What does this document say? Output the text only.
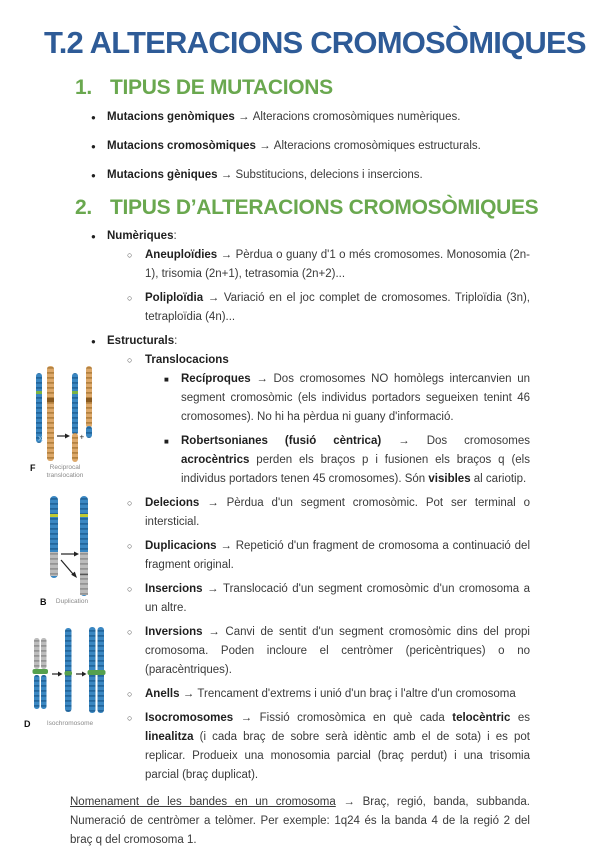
T.2 ALTERACIONS CROMOSÒMIQUES
1. TIPUS DE MUTACIONS
● Mutacions genòmiques → Alteracions cromosòmiques numèriques.
● Mutacions cromosòmiques → Alteracions cromosòmiques estructurals.
● Mutacions gèniques → Substitucions, delecions i insercions.
2. TIPUS D’ALTERACIONS CROMOSÒMIQUES
● Numèriques:
○ Aneuploïdies → Pèrdua o guany d'1 o més cromosomes. Monosomia (2n-1), trisomia (2n+1), tetrasomia (2n+2)...
○ Poliploïdia → Variació en el joc complet de cromosomes. Triploïdia (3n), tetraploïdia (4n)...
● Estructurals:
○ Translocacions
■ Recíproques → Dos cromosomes NO homòlegs intercanvien un segment cromosòmic (els individus portadors segueixen tenint 46 cromosomes). No hi ha pèrdua ni guany d'informació.
■ Robertsonianes (fusió cèntrica) → Dos cromosomes acrocèntrics perden els braços p i fusionen els braços q (els individus portadors tenen 45 cromosomes). Són visibles al cariotip.
○ Delecions → Pèrdua d'un segment cromosòmic. Pot ser terminal o intersticial.
○ Duplicacions → Repetició d'un fragment de cromosoma a continuació del fragment original.
○ Insercions → Translocació d'un segment cromosòmic d'un cromosoma a un altre.
○ Inversions → Canvi de sentit d'un segment cromosòmic dins del propi cromosoma. Poden incloure el centròmer (pericèntriques) o no (paracèntriques).
○ Anells → Trencament d'extrems i unió d'un braç i l'altre d'un cromosoma
○ Isocromosomes → Fissió cromosòmica en què cada telocèntric es linealitza (i cada braç de sobre serà idèntic amb el de sota) i es pot replicar. Produeix una monosomia parcial (braç perdut) i una trisomia parcial (braç duplicat).
Nomenament de les bandes en un cromosoma → Braç, regió, banda, subbanda. Numeració de centròmer a telòmer. Per exemple: 1q24 és la banda 4 de la regió 2 del braç q del cromosoma 1.
X	+
F Reciprocal translocation
B Duplication
D	Isochromosome
